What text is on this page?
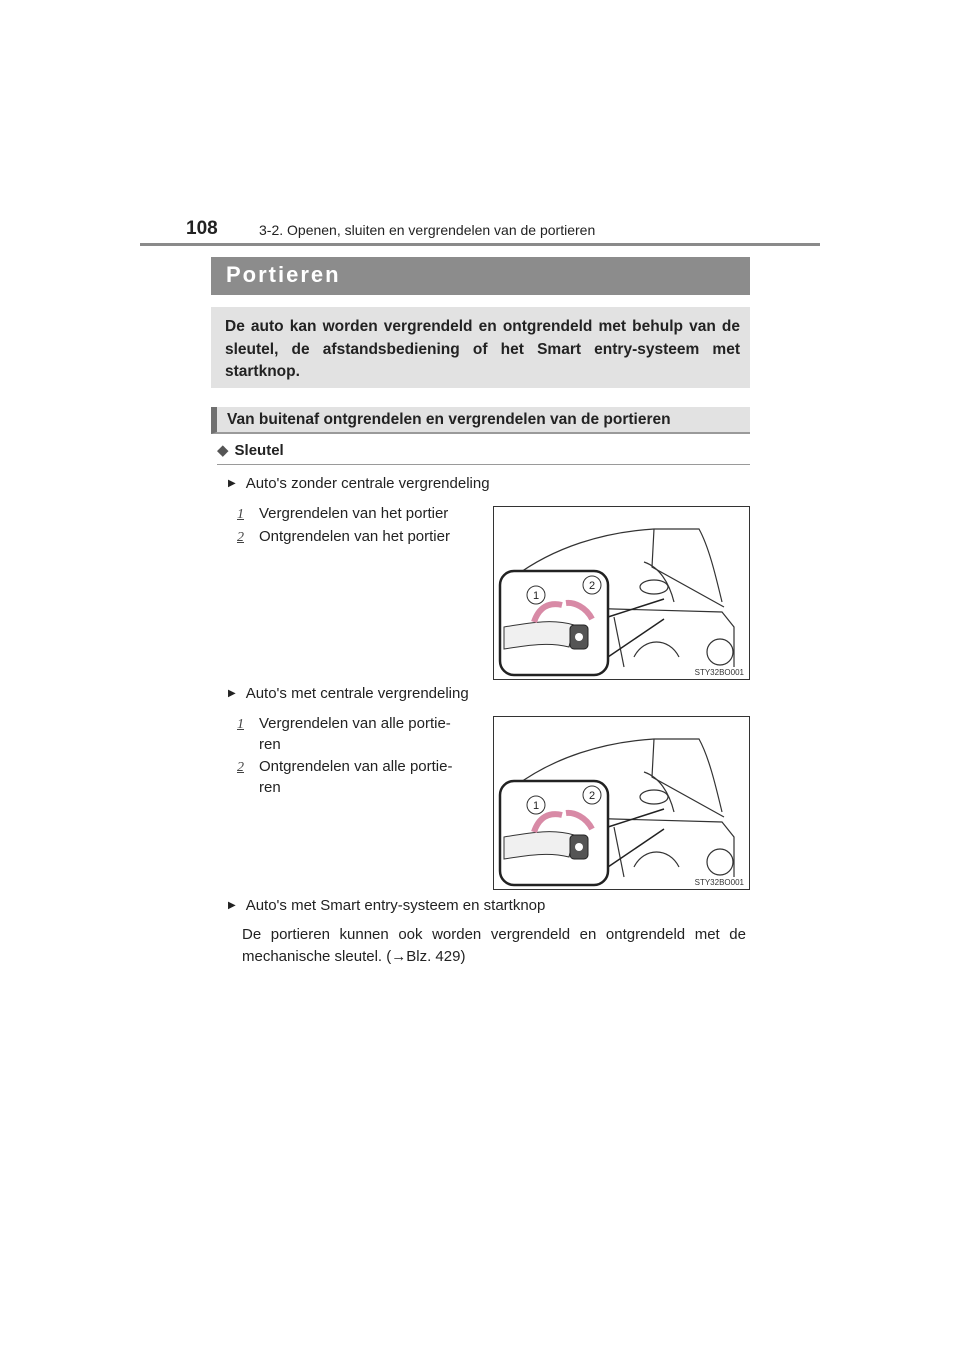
108	3-2. Openen, sluiten en vergrendelen van de portieren
Portieren

De auto kan worden vergrendeld en ontgrendeld met behulp van de sleutel, de afstandsbediening of het Smart entry-systeem met startknop.

Van buitenaf ontgrendelen en vergrendelen van de portieren
◆ Sleutel
▶ Auto's zonder centrale vergrendeling
1 Vergrendelen van het portier
2 Ontgrendelen van het portier
1
2
STY32BO001
▶ Auto's met centrale vergrendeling
1 Vergrendelen van alle portie-
ren
2 Ontgrendelen van alle portie-
ren
1
2
STY32BO001
▶ Auto's met Smart entry-systeem en startknop
De portieren kunnen ook worden vergrendeld en ontgrendeld met de mechanische sleutel. (→Blz. 429)
